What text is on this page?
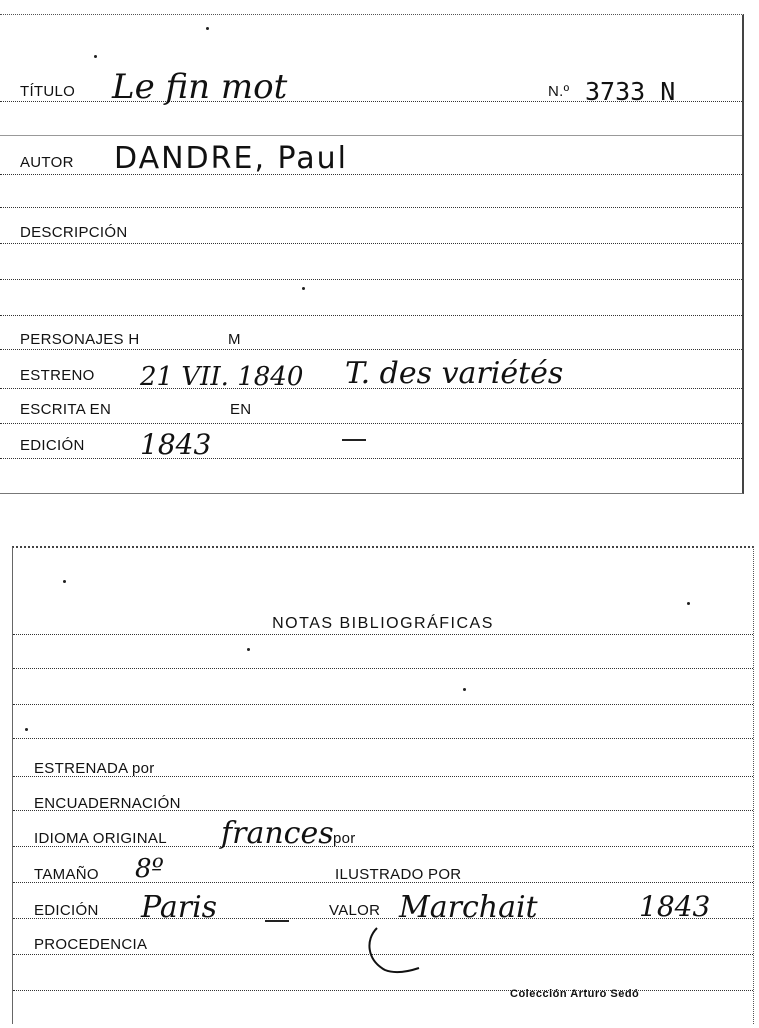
TÍTULO Le fin mot	N.º 3733 N
AUTOR DANDRE, Paul
DESCRIPCIÓN
PERSONAJES H	M
ESTRENO 21 VII. 1840 T. des variétés
ESCRITA EN	EN
EDICIÓN 1843
NOTAS BIBLIOGRÁFICAS
ESTRENADA por
ENCUADERNACIÓN
IDIOMA ORIGINAL frances por
TAMAÑO 8º	ILUSTRADO POR
EDICIÓN Paris	VALOR Marchait	1843
PROCEDENCIA
Colección Arturo Sedó
